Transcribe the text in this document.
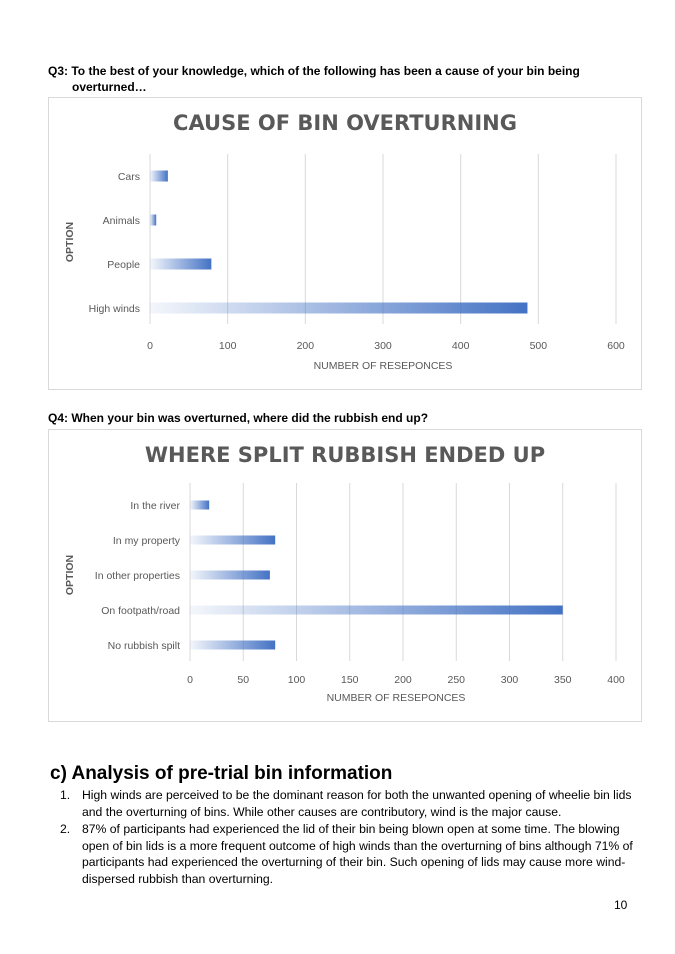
Q3: To the best of your knowledge, which of the following has been a cause of your bin being
overturned…

CAUSE OF BIN OVERTURNING
0	100	200	300	400	500	600
Cars
Animals
People
High winds
NUMBER OF RESEPONCES
OPTION

Q4: When your bin was overturned, where did the rubbish end up?

WHERE SPLIT RUBBISH ENDED UP
0	50	100	150	200	250	300	350	400
In the river
In my property
In other properties
On footpath/road
No rubbish spilt
NUMBER OF RESEPONCES
OPTION
c) Analysis of pre-trial bin information
1. High winds are perceived to be the dominant reason for both the unwanted opening of wheelie bin lids and the overturning of bins. While other causes are contributory, wind is the major cause.
2. 87% of participants had experienced the lid of their bin being blown open at some time. The blowing open of bin lids is a more frequent outcome of high winds than the overturning of bins although 71% of participants had experienced the overturning of their bin. Such opening of lids may cause more wind-dispersed rubbish than overturning.
10
